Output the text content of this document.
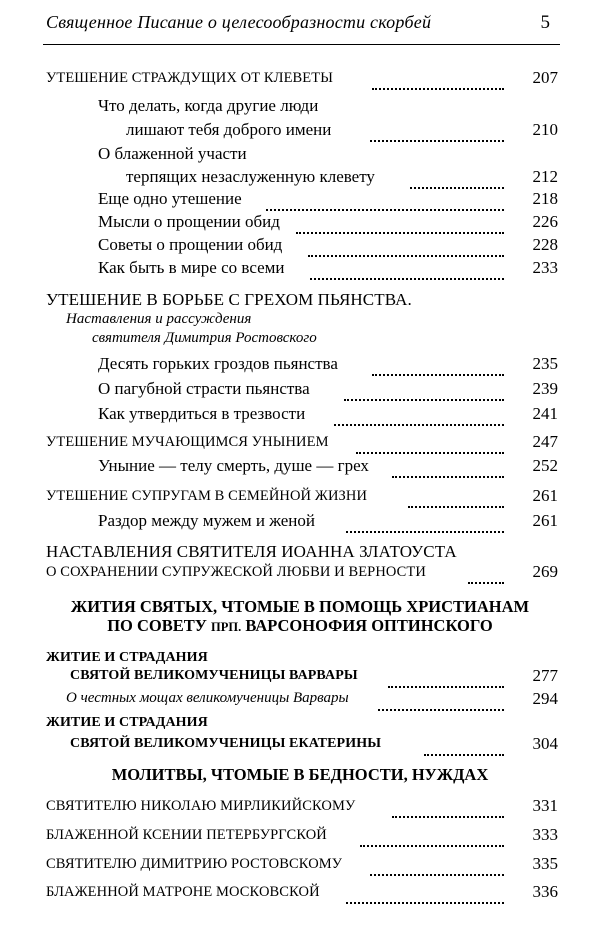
Священное Писание о целесообразности скорбей	5
УТЕШЕНИЕ СТРАЖДУЩИХ ОТ КЛЕВЕТЫ	207
Что делать, когда другие люди
лишают тебя доброго имени	210
О блаженной участи
терпящих незаслуженную клевету	212
Еще одно утешение	218
Мысли о прощении обид	226
Советы о прощении обид	228
Как быть в мире со всеми	233
УТЕШЕНИЕ В БОРЬБЕ С ГРЕХОМ ПЬЯНСТВА.
Наставления и рассуждения
святителя Димитрия Ростовского
Десять горьких гроздов пьянства	235
О пагубной страсти пьянства	239
Как утвердиться в трезвости	241
УТЕШЕНИЕ МУЧАЮЩИМСЯ УНЫНИЕМ	247
Уныние — телу смерть, душе — грех	252
УТЕШЕНИЕ СУПРУГАМ В СЕМЕЙНОЙ ЖИЗНИ	261
Раздор между мужем и женой	261
НАСТАВЛЕНИЯ СВЯТИТЕЛЯ ИОАННА ЗЛАТОУСТА
О СОХРАНЕНИИ СУПРУЖЕСКОЙ ЛЮБВИ И ВЕРНОСТИ	269
ЖИТИЯ СВЯТЫХ, ЧТОМЫЕ В ПОМОЩЬ ХРИСТИАНАМ
ПО СОВЕТУ ПРП. ВАРСОНОФИЯ ОПТИНСКОГО
ЖИТИЕ И СТРАДАНИЯ
СВЯТОЙ ВЕЛИКОМУЧЕНИЦЫ ВАРВАРЫ	277
О честных мощах великомученицы Варвары	294
ЖИТИЕ И СТРАДАНИЯ
СВЯТОЙ ВЕЛИКОМУЧЕНИЦЫ ЕКАТЕРИНЫ	304
МОЛИТВЫ, ЧТОМЫЕ В БЕДНОСТИ, НУЖДАХ
СВЯТИТЕЛЮ НИКОЛАЮ МИРЛИКИЙСКОМУ	331
БЛАЖЕННОЙ КСЕНИИ ПЕТЕРБУРГСКОЙ	333
СВЯТИТЕЛЮ ДИМИТРИЮ РОСТОВСКОМУ	335
БЛАЖЕННОЙ МАТРОНЕ МОСКОВСКОЙ	336
